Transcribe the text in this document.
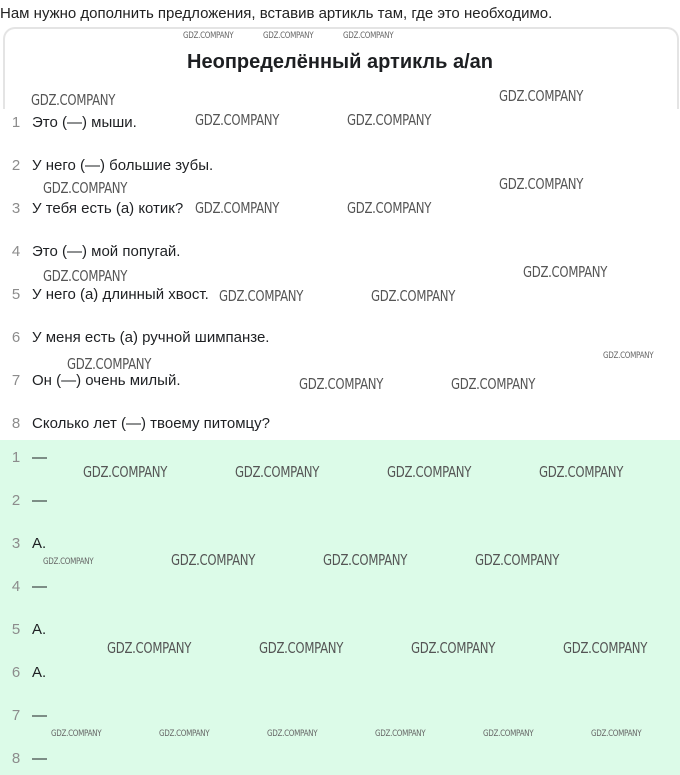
Нам нужно дополнить предложения, вставив артикль там, где это необходимо.
Неопределённый артикль a/an
1 Это (—) мыши.
2 У него (—) большие зубы.
3 У тебя есть (а) котик?
4 Это (—) мой попугай.
5 У него (а) длинный хвост.
6 У меня есть (а) ручной шимпанзе.
7 Он (—) очень милый.
8 Сколько лет (—) твоему питомцу?
1 —
2 —
3 А.
4 —
5 А.
6 А.
7 —
8 —
GDZ.COMPANY	GDZ.COMPANY	GDZ.COMPANY
GDZ.COMPANY	GDZ.COMPANY
GDZ.COMPANY	GDZ.COMPANY
GDZ.COMPANY	GDZ.COMPANY
GDZ.COMPANY	GDZ.COMPANY
GDZ.COMPANY	GDZ.COMPANY
GDZ.COMPANY	GDZ.COMPANY
GDZ.COMPANY	GDZ.COMPANY
GDZ.COMPANY	GDZ.COMPANY
GDZ.COMPANY	GDZ.COMPANY	GDZ.COMPANY	GDZ.COMPANY
GDZ.COMPANY	GDZ.COMPANY	GDZ.COMPANY	GDZ.COMPANY
GDZ.COMPANY	GDZ.COMPANY	GDZ.COMPANY	GDZ.COMPANY
GDZ.COMPANY	GDZ.COMPANY	GDZ.COMPANY	GDZ.COMPANY	GDZ.COMPANY	GDZ.COMPANY
